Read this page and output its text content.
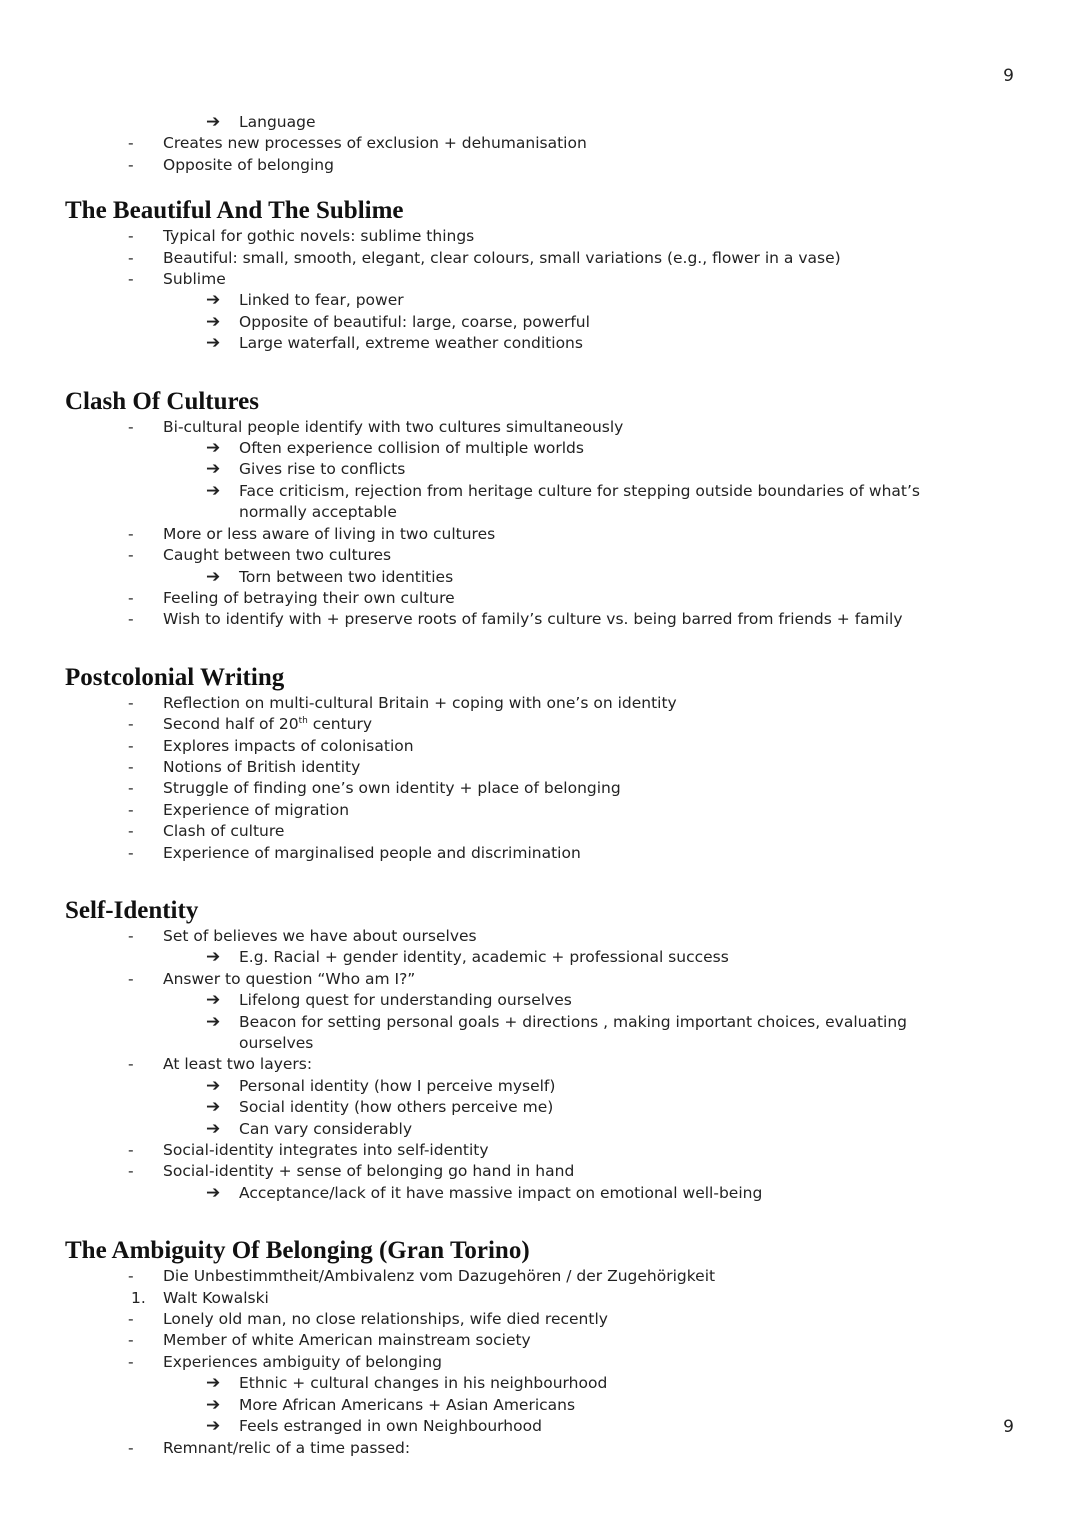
9
➔ Language
-	Creates new processes of exclusion + dehumanisation
-	Opposite of belonging
The Beautiful And The Sublime
-	Typical for gothic novels: sublime things
-	Beautiful: small, smooth, elegant, clear colours, small variations (e.g., flower in a vase)
-	Sublime
➔ Linked to fear, power
➔ Opposite of beautiful: large, coarse, powerful
➔ Large waterfall, extreme weather conditions
Clash Of Cultures
-	Bi-cultural people identify with two cultures simultaneously
➔ Often experience collision of multiple worlds
➔ Gives rise to conflicts
➔ Face criticism, rejection from heritage culture for stepping outside boundaries of what’s normally acceptable
-	More or less aware of living in two cultures
-	Caught between two cultures
➔ Torn between two identities
-	Feeling of betraying their own culture
-	Wish to identify with + preserve roots of family’s culture vs. being barred from friends + family
Postcolonial Writing
-	Reflection on multi-cultural Britain + coping with one’s on identity
-	Second half of 20th century
-	Explores impacts of colonisation
-	Notions of British identity
-	Struggle of finding one’s own identity + place of belonging
-	Experience of migration
-	Clash of culture
-	Experience of marginalised people and discrimination
Self-Identity
-	Set of believes we have about ourselves
➔ E.g. Racial + gender identity, academic + professional success
-	Answer to question “Who am I?”
➔ Lifelong quest for understanding ourselves
➔ Beacon for setting personal goals + directions , making important choices, evaluating ourselves
-	At least two layers:
➔ Personal identity (how I perceive myself)
➔ Social identity (how others perceive me)
➔ Can vary considerably
-	Social-identity integrates into self-identity
-	Social-identity + sense of belonging go hand in hand
➔ Acceptance/lack of it have massive impact on emotional well-being
The Ambiguity Of Belonging (Gran Torino)
-	Die Unbestimmtheit/Ambivalenz vom Dazugehören / der Zugehörigkeit
1. Walt Kowalski
-	Lonely old man, no close relationships, wife died recently
-	Member of white American mainstream society
-	Experiences ambiguity of belonging
➔ Ethnic + cultural changes in his neighbourhood
➔ More African Americans + Asian Americans
➔ Feels estranged in own Neighbourhood
-	Remnant/relic of a time passed:
9
